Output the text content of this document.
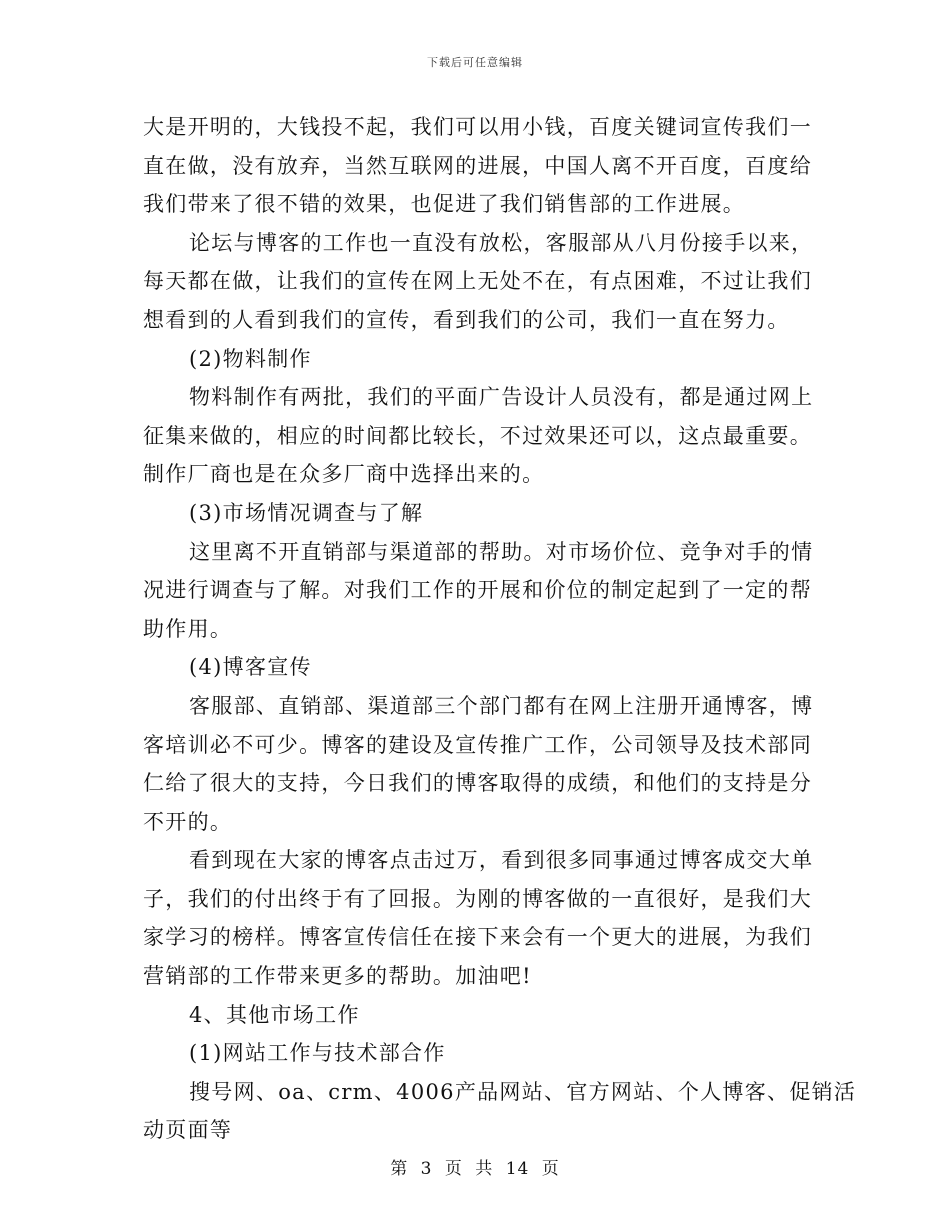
下载后可任意编辑
大是开明的，大钱投不起，我们可以用小钱，百度关键词宣传我们一
直在做，没有放弃，当然互联网的进展，中国人离不开百度，百度给
我们带来了很不错的效果，也促进了我们销售部的工作进展。
论坛与博客的工作也一直没有放松，客服部从八月份接手以来，
每天都在做，让我们的宣传在网上无处不在，有点困难，不过让我们
想看到的人看到我们的宣传，看到我们的公司，我们一直在努力。
(2)物料制作
物料制作有两批，我们的平面广告设计人员没有，都是通过网上
征集来做的，相应的时间都比较长，不过效果还可以，这点最重要。
制作厂商也是在众多厂商中选择出来的。
(3)市场情况调查与了解
这里离不开直销部与渠道部的帮助。对市场价位、竞争对手的情
况进行调查与了解。对我们工作的开展和价位的制定起到了一定的帮
助作用。
(4)博客宣传
客服部、直销部、渠道部三个部门都有在网上注册开通博客，博
客培训必不可少。博客的建设及宣传推广工作，公司领导及技术部同
仁给了很大的支持，今日我们的博客取得的成绩，和他们的支持是分
不开的。
看到现在大家的博客点击过万，看到很多同事通过博客成交大单
子，我们的付出终于有了回报。为刚的博客做的一直很好，是我们大
家学习的榜样。博客宣传信任在接下来会有一个更大的进展，为我们
营销部的工作带来更多的帮助。加油吧!
4、其他市场工作
(1)网站工作与技术部合作
搜号网、oa、crm、4006产品网站、官方网站、个人博客、促销活
动页面等
第 3 页 共 14 页
